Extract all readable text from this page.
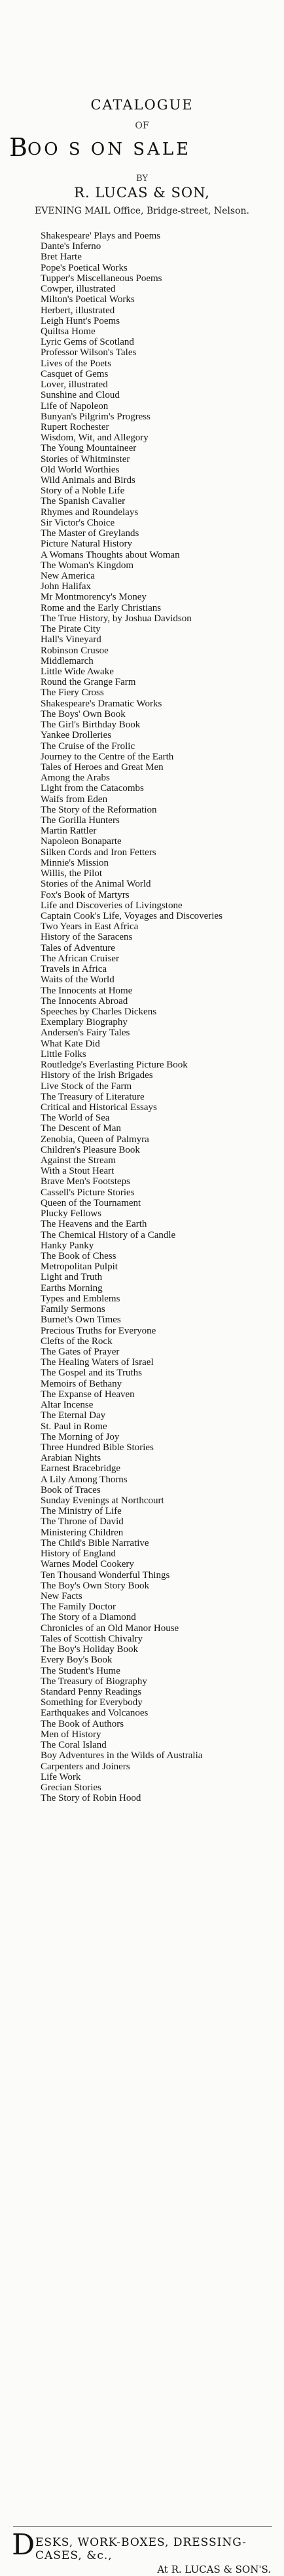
CATALOGUE
OF
BOO S ON SALE
BY
R. LUCAS & SON,
EVENING MAIL Office, Bridge-street, Nelson.
Shakespeare' Plays and Poems
Dante's Inferno
Bret Harte
Pope's Poetical Works
Tupper's Miscellaneous Poems
Cowper, illustrated
Milton's Poetical Works
Herbert, illustrated
Leigh Hunt's Poems
Quiltsa Home
Lyric Gems of Scotland
Professor Wilson's Tales
Lives of the Poets
Casquet of Gems
Lover, illustrated
Sunshine and Cloud
Life of Napoleon
Bunyan's Pilgrim's Progress
Rupert Rochester
Wisdom, Wit, and Allegory
The Young Mountaineer
Stories of Whitminster
Old World Worthies
Wild Animals and Birds
Story of a Noble Life
The Spanish Cavalier
Rhymes and Roundelays
Sir Victor's Choice
The Master of Greylands
Picture Natural History
A Womans Thoughts about Woman
The Woman's Kingdom
New America
John Halifax
Mr Montmorency's Money
Rome and the Early Christians
The True History, by Joshua Davidson
The Pirate City
Hall's Vineyard
Robinson Crusoe
Middlemarch
Little Wide Awake
Round the Grange Farm
The Fiery Cross
Shakespeare's Dramatic Works
The Boys' Own Book
The Girl's Birthday Book
Yankee Drolleries
The Cruise of the Frolic
Journey to the Centre of the Earth
Tales of Heroes and Great Men
Among the Arabs
Light from the Catacombs
Waifs from Eden
The Story of the Reformation
The Gorilla Hunters
Martin Rattler
Napoleon Bonaparte
Silken Cords and Iron Fetters
Minnie's Mission
Willis, the Pilot
Stories of the Animal World
Fox's Book of Martyrs
Life and Discoveries of Livingstone
Captain Cook's Life, Voyages and Discoveries
Two Years in East Africa
History of the Saracens
Tales of Adventure
The African Cruiser
Travels in Africa
Waits of the World
The Innocents at Home
The Innocents Abroad
Speeches by Charles Dickens
Exemplary Biography
Andersen's Fairy Tales
What Kate Did
Little Folks
Routledge's Everlasting Picture Book
History of the Irish Brigades
Live Stock of the Farm
The Treasury of Literature
Critical and Historical Essays
The World of Sea
The Descent of Man
Zenobia, Queen of Palmyra
Children's Pleasure Book
Against the Stream
With a Stout Heart
Brave Men's Footsteps
Cassell's Picture Stories
Queen of the Tournament
Plucky Fellows
The Heavens and the Earth
The Chemical History of a Candle
Hanky Panky
The Book of Chess
Metropolitan Pulpit
Light and Truth
Earths Morning
Types and Emblems
Family Sermons
Burnet's Own Times
Precious Truths for Everyone
Clefts of the Rock
The Gates of Prayer
The Healing Waters of Israel
The Gospel and its Truths
Memoirs of Bethany
The Expanse of Heaven
Altar Incense
The Eternal Day
St. Paul in Rome
The Morning of Joy
Three Hundred Bible Stories
Arabian Nights
Earnest Bracebridge
A Lily Among Thorns
Book of Traces
Sunday Evenings at Northcourt
The Ministry of Life
The Throne of David
Ministering Children
The Child's Bible Narrative
History of England
Warnes Model Cookery
Ten Thousand Wonderful Things
The Boy's Own Story Book
New Facts
The Family Doctor
The Story of a Diamond
Chronicles of an Old Manor House
Tales of Scottish Chivalry
The Boy's Holiday Book
Every Boy's Book
The Student's Hume
The Treasury of Biography
Standard Penny Readings
Something for Everybody
Earthquakes and Volcanoes
The Book of Authors
Men of History
The Coral Island
Boy Adventures in the Wilds of Australia
Carpenters and Joiners
Life Work
Grecian Stories
The Story of Robin Hood
D ESKS, WORK-BOXES, DRESSING-
CASES, &c.,
At R. LUCAS & SON'S.
